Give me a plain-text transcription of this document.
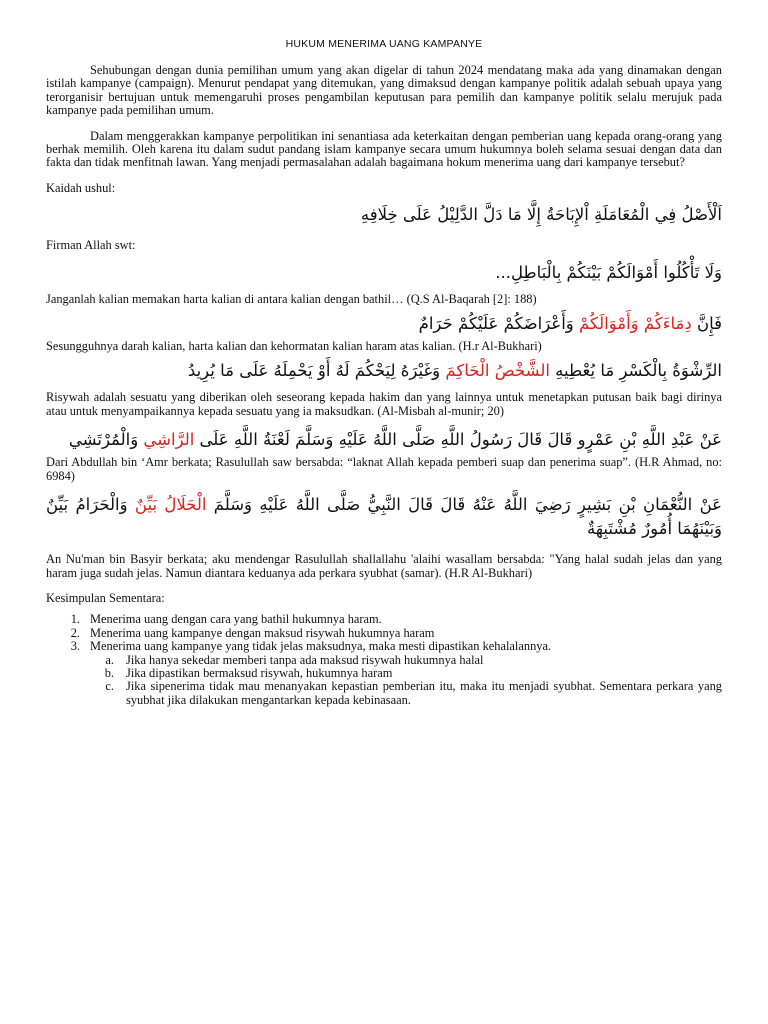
HUKUM MENERIMA UANG KAMPANYE

Sehubungan dengan dunia pemilihan umum yang akan digelar di tahun 2024 mendatang maka ada yang dinamakan dengan istilah kampanye (campaign). Menurut pendapat yang ditemukan, yang dimaksud dengan kampanye politik adalah sebuah upaya yang terorganisir bertujuan untuk memengaruhi proses pengambilan keputusan para pemilih dan kampanye politik selalu merujuk pada kampanye pada pemilihan umum.

Dalam menggerakkan kampanye perpolitikan ini senantiasa ada keterkaitan dengan pemberian uang kepada orang-orang yang berhak memilih. Oleh karena itu dalam sudut pandang islam kampanye secara umum hukumnya boleh selama sesuai dengan data dan fakta dan tidak menfitnah lawan. Yang menjadi permasalahan adalah bagaimana hokum menerima uang dari kampanye tersebut?

Kaidah ushul:

اَلْأَصْلُ فِي الْمُعَامَلَةِ اْلإِبَاحَةُ إِلَّا مَا دَلَّ الدَّلِيْلُ عَلَى خِلَافِهِ

Firman Allah swt:

وَلَا تَأْكُلُوا أَمْوَالَكُمْ بَيْنَكُمْ بِالْبَاطِلِ...

Janganlah kalian memakan harta kalian di antara kalian dengan bathil… (Q.S Al-Baqarah [2]: 188)

فَإِنَّ دِمَاءَكُمْ وَأَمْوَالَكُمْ وَأَعْرَاضَكُمْ عَلَيْكُمْ حَرَامٌ

Sesungguhnya darah kalian, harta kalian dan kehormatan kalian haram atas kalian. (H.r Al-Bukhari)

الرِّشْوَةُ بِالْكَسْرِ مَا يُعْطِيهِ الشَّخْصُ الْحَاكِمَ وَغَيْرَهُ لِيَحْكُمَ لَهُ أَوْ يَحْمِلَهُ عَلَى مَا يُرِيدُ

Risywah adalah sesuatu yang diberikan oleh seseorang kepada hakim dan yang lainnya untuk menetapkan putusan baik bagi dirinya atau untuk menyampaikannya kepada sesuatu yang ia maksudkan. (Al-Misbah al-munir; 20)

عَنْ عَبْدِ اللَّهِ بْنِ عَمْرٍو قَالَ قَالَ رَسُولُ اللَّهِ صَلَّى اللَّهُ عَلَيْهِ وَسَلَّمَ لَعْنَةُ اللَّهِ عَلَى الرَّاشِي وَالْمُرْتَشِي

Dari Abdullah bin ‘Amr berkata; Rasulullah saw bersabda: “laknat Allah kepada pemberi suap dan penerima suap”. (H.R Ahmad, no: 6984)

عَنْ النُّعْمَانِ بْنِ بَشِيرٍ رَضِيَ اللَّهُ عَنْهُ قَالَ قَالَ النَّبِيُّ صَلَّى اللَّهُ عَلَيْهِ وَسَلَّمَ الْحَلَالُ بَيِّنٌ وَالْحَرَامُ بَيِّنٌ وَبَيْنَهُمَا أُمُورٌ مُشْتَبِهَةٌ

An Nu'man bin Basyir berkata; aku mendengar Rasulullah shallallahu 'alaihi wasallam bersabda: "Yang halal sudah jelas dan yang haram juga sudah jelas. Namun diantara keduanya ada perkara syubhat (samar). (H.R Al-Bukhari)

Kesimpulan Sementara:

1. Menerima uang dengan cara yang bathil hukumnya haram.
2. Menerima uang kampanye dengan maksud risywah hukumnya haram
3. Menerima uang kampanye yang tidak jelas maksudnya, maka mesti dipastikan kehalalannya.
a. Jika hanya sekedar memberi tanpa ada maksud risywah hukumnya halal
b. Jika dipastikan bermaksud risywah, hukumnya haram
c. Jika sipenerima tidak mau menanyakan kepastian pemberian itu, maka itu menjadi syubhat. Sementara perkara yang syubhat jika dilakukan mengantarkan kepada kebinasaan.
